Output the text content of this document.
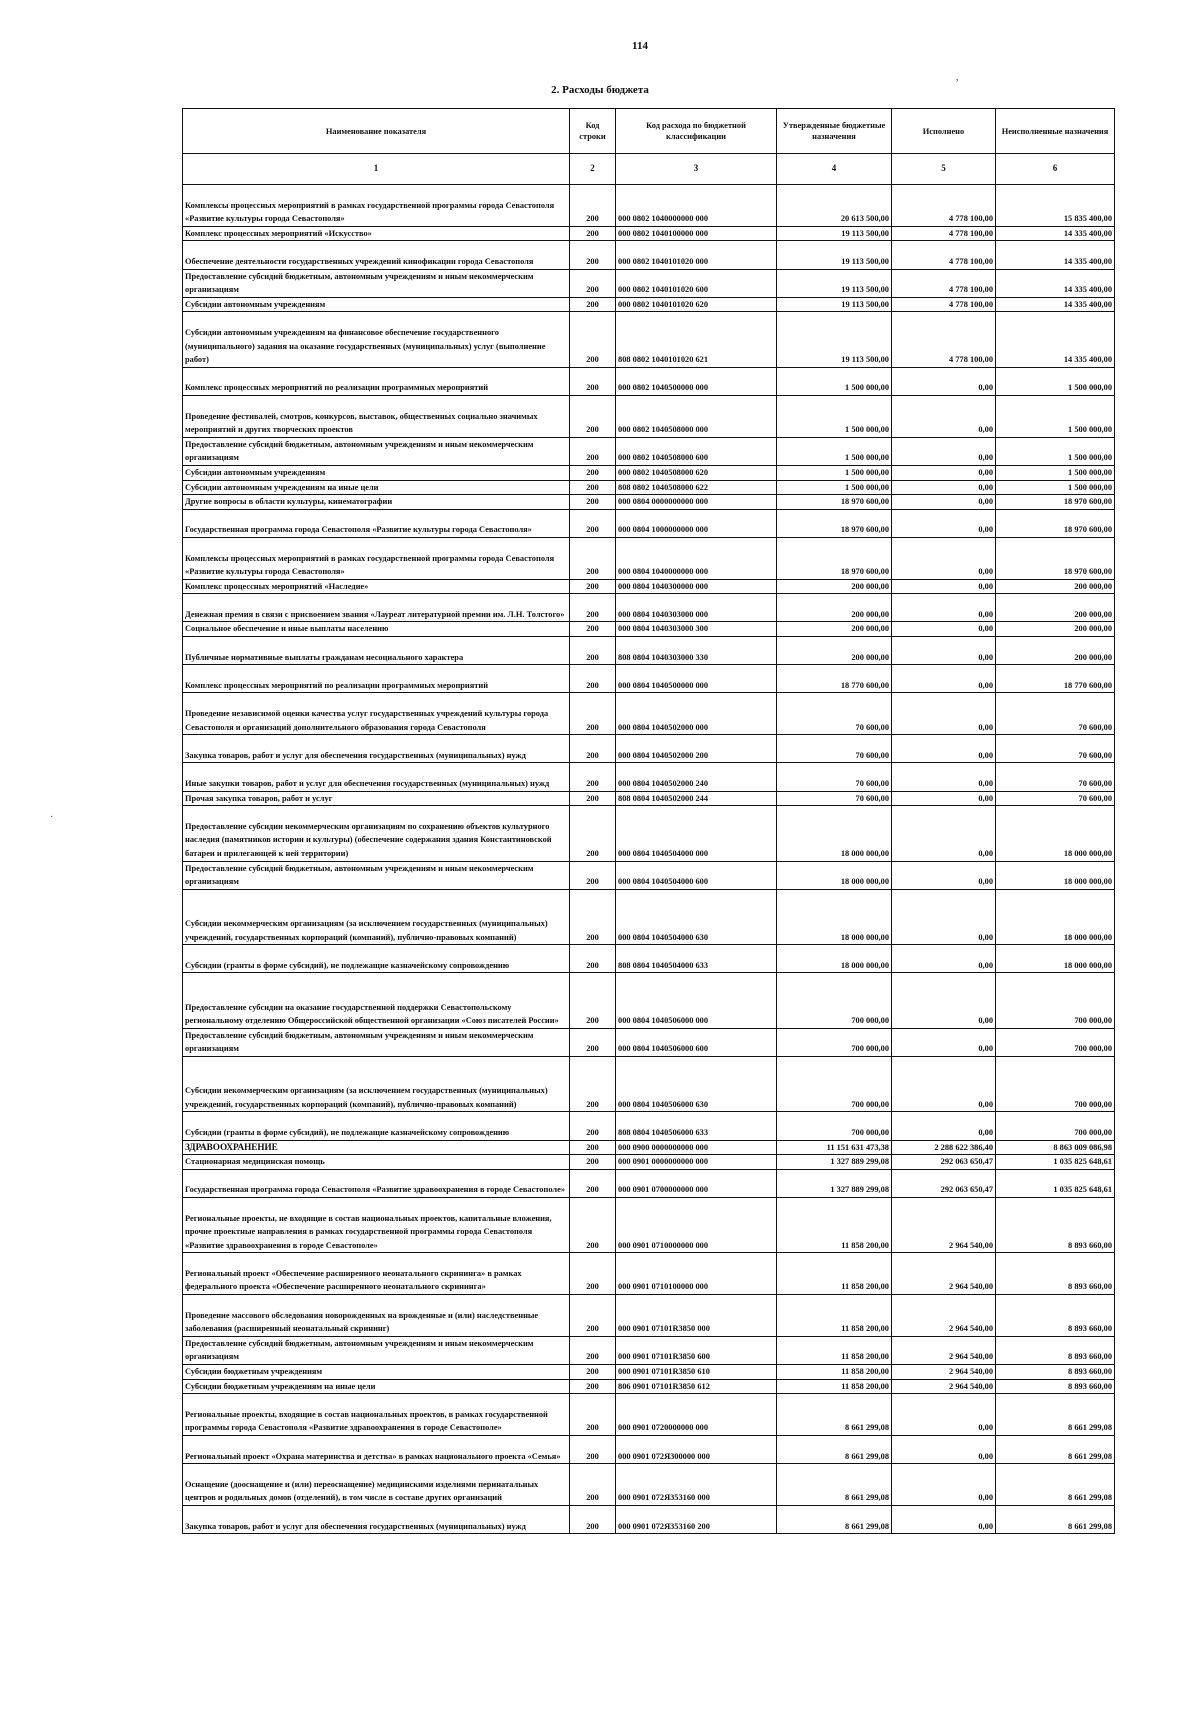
114
2. Расходы бюджета
,
·
Наименование показателя	Код строки	Код расхода по бюджетной классификации	Утвержденные бюджетные назначения	Исполнено	Неисполненные назначения
1	2	3	4	5	6
Комплексы процессных мероприятий в рамках государственной программы города Севастополя «Развитие культуры города Севастополя»	200	000 0802 1040000000 000	20 613 500,00	4 778 100,00	15 835 400,00
Комплекс процессных мероприятий «Искусство»	200	000 0802 1040100000 000	19 113 500,00	4 778 100,00	14 335 400,00
Обеспечение деятельности государственных учреждений кинофикации города Севастополя	200	000 0802 1040101020 000	19 113 500,00	4 778 100,00	14 335 400,00
Предоставление субсидий бюджетным, автономным учреждениям и иным некоммерческим организациям	200	000 0802 1040101020 600	19 113 500,00	4 778 100,00	14 335 400,00
Субсидии автономным учреждениям	200	000 0802 1040101020 620	19 113 500,00	4 778 100,00	14 335 400,00
Субсидии автономным учреждениям на финансовое обеспечение государственного (муниципального) задания на оказание государственных (муниципальных) услуг (выполнение работ)	200	808 0802 1040101020 621	19 113 500,00	4 778 100,00	14 335 400,00
Комплекс процессных мероприятий по реализации программных мероприятий	200	000 0802 1040500000 000	1 500 000,00	0,00	1 500 000,00
Проведение фестивалей, смотров, конкурсов, выставок, общественных социально значимых мероприятий и других творческих проектов	200	000 0802 1040508000 000	1 500 000,00	0,00	1 500 000,00
Предоставление субсидий бюджетным, автономным учреждениям и иным некоммерческим организациям	200	000 0802 1040508000 600	1 500 000,00	0,00	1 500 000,00
Субсидии автономным учреждениям	200	000 0802 1040508000 620	1 500 000,00	0,00	1 500 000,00
Субсидии автономным учреждениям на иные цели	200	808 0802 1040508000 622	1 500 000,00	0,00	1 500 000,00
Другие вопросы в области культуры, кинематографии	200	000 0804 0000000000 000	18 970 600,00	0,00	18 970 600,00
Государственная программа города Севастополя «Развитие культуры города Севастополя»	200	000 0804 1000000000 000	18 970 600,00	0,00	18 970 600,00
Комплексы процессных мероприятий в рамках государственной программы города Севастополя «Развитие культуры города Севастополя»	200	000 0804 1040000000 000	18 970 600,00	0,00	18 970 600,00
Комплекс процессных мероприятий «Наследие»	200	000 0804 1040300000 000	200 000,00	0,00	200 000,00
Денежная премия в связи с присвоением звания «Лауреат литературной премии им. Л.Н. Толстого»	200	000 0804 1040303000 000	200 000,00	0,00	200 000,00
Социальное обеспечение и иные выплаты населению	200	000 0804 1040303000 300	200 000,00	0,00	200 000,00
Публичные нормативные выплаты гражданам несоциального характера	200	808 0804 1040303000 330	200 000,00	0,00	200 000,00
Комплекс процессных мероприятий по реализации программных мероприятий	200	000 0804 1040500000 000	18 770 600,00	0,00	18 770 600,00
Проведение независимой оценки качества услуг государственных учреждений культуры города Севастополя и организаций дополнительного образования города Севастополя	200	000 0804 1040502000 000	70 600,00	0,00	70 600,00
Закупка товаров, работ и услуг для обеспечения государственных (муниципальных) нужд	200	000 0804 1040502000 200	70 600,00	0,00	70 600,00
Иные закупки товаров, работ и услуг для обеспечения государственных (муниципальных) нужд	200	000 0804 1040502000 240	70 600,00	0,00	70 600,00
Прочая закупка товаров, работ и услуг	200	808 0804 1040502000 244	70 600,00	0,00	70 600,00
Предоставление субсидии некоммерческим организациям по сохранению объектов культурного наследия (памятников истории и культуры) (обеспечение содержания здания Константиновской батареи и прилегающей к ней территории)	200	000 0804 1040504000 000	18 000 000,00	0,00	18 000 000,00
Предоставление субсидий бюджетным, автономным учреждениям и иным некоммерческим организациям	200	000 0804 1040504000 600	18 000 000,00	0,00	18 000 000,00
Субсидии некоммерческим организациям (за исключением государственных (муниципальных) учреждений, государственных корпораций (компаний), публично-правовых компаний)	200	000 0804 1040504000 630	18 000 000,00	0,00	18 000 000,00
Субсидии (гранты в форме субсидий), не подлежащие казначейскому сопровождению	200	808 0804 1040504000 633	18 000 000,00	0,00	18 000 000,00
Предоставление субсидии на оказание государственной поддержки Севастопольскому региональному отделению Общероссийской общественной организации «Союз писателей России»	200	000 0804 1040506000 000	700 000,00	0,00	700 000,00
Предоставление субсидий бюджетным, автономным учреждениям и иным некоммерческим организациям	200	000 0804 1040506000 600	700 000,00	0,00	700 000,00
Субсидии некоммерческим организациям (за исключением государственных (муниципальных) учреждений, государственных корпораций (компаний), публично-правовых компаний)	200	000 0804 1040506000 630	700 000,00	0,00	700 000,00
Субсидии (гранты в форме субсидий), не подлежащие казначейскому сопровождению	200	808 0804 1040506000 633	700 000,00	0,00	700 000,00
ЗДРАВООХРАНЕНИЕ	200	000 0900 0000000000 000	11 151 631 473,38	2 288 622 386,40	8 863 009 086,98
Стационарная медицинская помощь	200	000 0901 0000000000 000	1 327 889 299,08	292 063 650,47	1 035 825 648,61
Государственная программа города Севастополя «Развитие здравоохранения в городе Севастополе»	200	000 0901 0700000000 000	1 327 889 299,08	292 063 650,47	1 035 825 648,61
Региональные проекты, не входящие в состав национальных проектов, капитальные вложения, прочие проектные направления в рамках государственной программы города Севастополя «Развитие здравоохранения в городе Севастополе»	200	000 0901 0710000000 000	11 858 200,00	2 964 540,00	8 893 660,00
Региональный проект «Обеспечение расширенного неонатального скрининга» в рамках федерального проекта «Обеспечение расширенного неонатального скрининга»	200	000 0901 0710100000 000	11 858 200,00	2 964 540,00	8 893 660,00
Проведение массового обследования новорожденных на врожденные и (или) наследственные заболевания (расширенный неонатальный скрининг)	200	000 0901 07101R3850 000	11 858 200,00	2 964 540,00	8 893 660,00
Предоставление субсидий бюджетным, автономным учреждениям и иным некоммерческим организациям	200	000 0901 07101R3850 600	11 858 200,00	2 964 540,00	8 893 660,00
Субсидии бюджетным учреждениям	200	000 0901 07101R3850 610	11 858 200,00	2 964 540,00	8 893 660,00
Субсидии бюджетным учреждениям на иные цели	200	806 0901 07101R3850 612	11 858 200,00	2 964 540,00	8 893 660,00
Региональные проекты, входящие в состав национальных проектов, в рамках государственной программы города Севастополя «Развитие здравоохранения в городе Севастополе»	200	000 0901 0720000000 000	8 661 299,08	0,00	8 661 299,08
Региональный проект «Охрана материнства и детства» в рамках национального проекта «Семья»	200	000 0901 072Я300000 000	8 661 299,08	0,00	8 661 299,08
Оснащение (дооснащение и (или) переоснащение) медицинскими изделиями перинатальных центров и родильных домов (отделений), в том числе в составе других организаций	200	000 0901 072Я353160 000	8 661 299,08	0,00	8 661 299,08
Закупка товаров, работ и услуг для обеспечения государственных (муниципальных) нужд	200	000 0901 072Я353160 200	8 661 299,08	0,00	8 661 299,08
